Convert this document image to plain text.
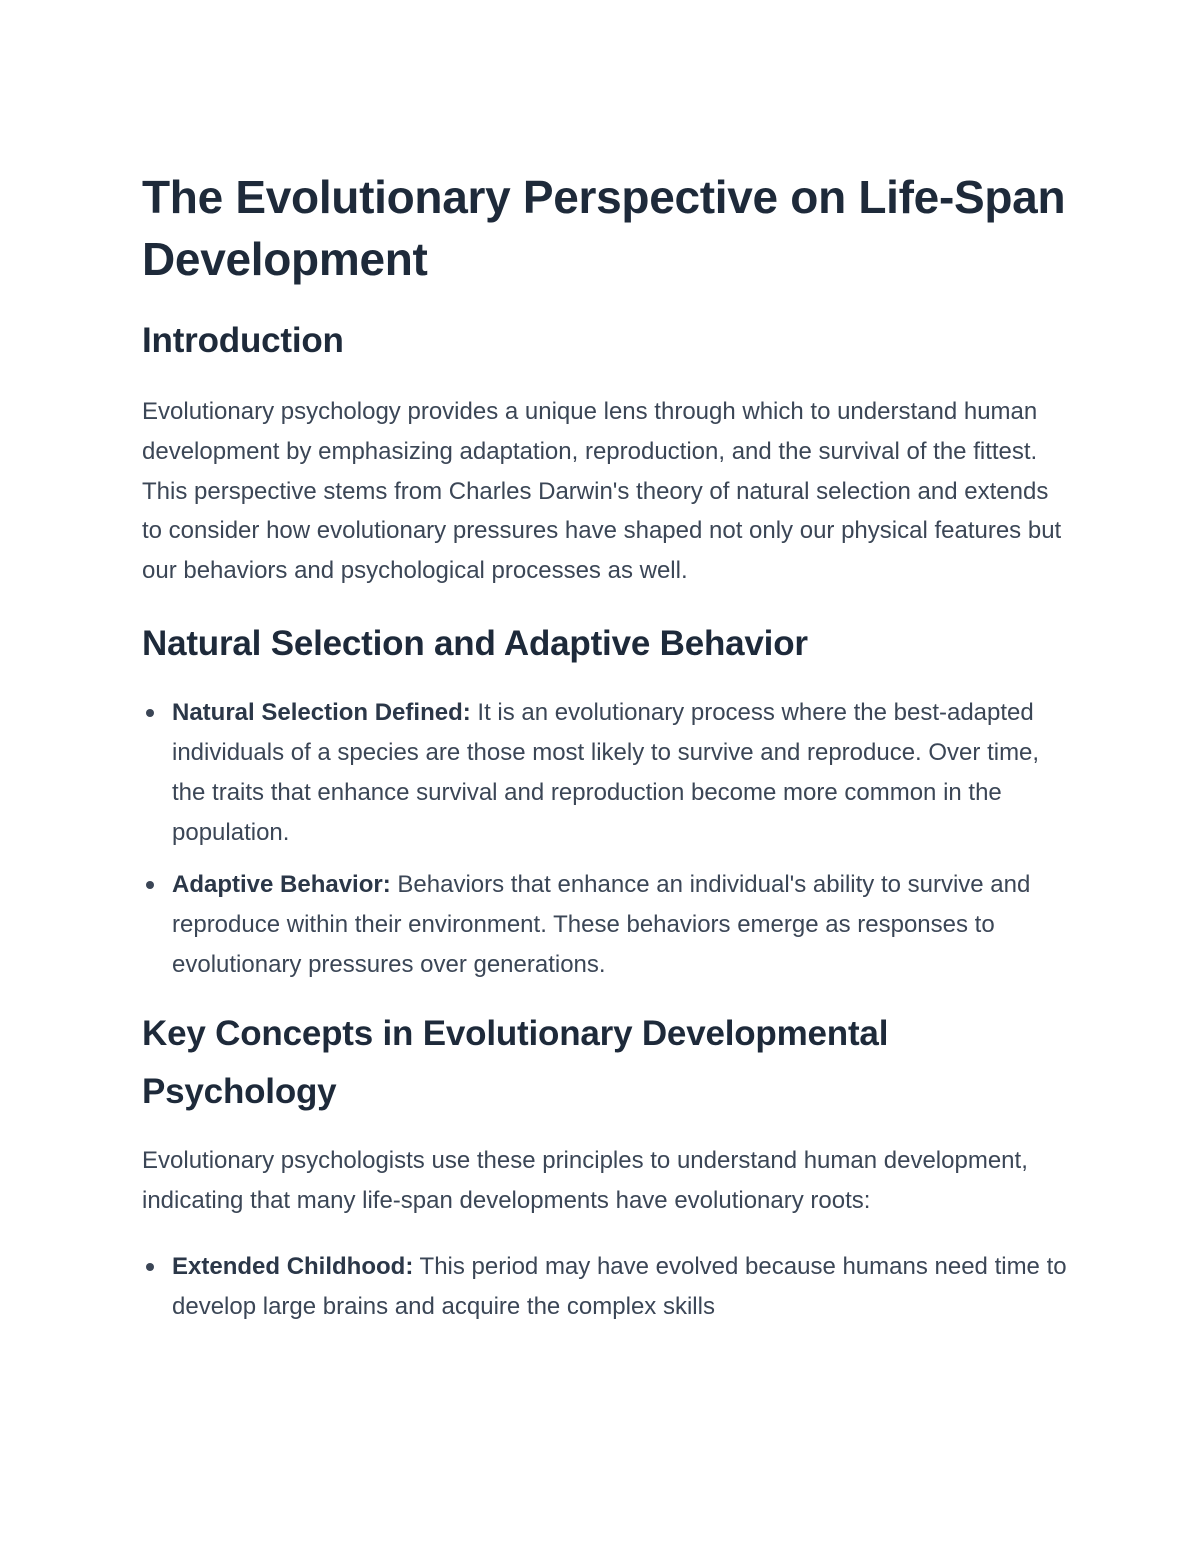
The Evolutionary Perspective on Life-Span Development
Introduction

Evolutionary psychology provides a unique lens through which to understand human development by emphasizing adaptation, reproduction, and the survival of the fittest. This perspective stems from Charles Darwin's theory of natural selection and extends to consider how evolutionary pressures have shaped not only our physical features but our behaviors and psychological processes as well.

Natural Selection and Adaptive Behavior
Natural Selection Defined: It is an evolutionary process where the best-adapted individuals of a species are those most likely to survive and reproduce. Over time, the traits that enhance survival and reproduction become more common in the population.
Adaptive Behavior: Behaviors that enhance an individual's ability to survive and reproduce within their environment. These behaviors emerge as responses to evolutionary pressures over generations.
Key Concepts in Evolutionary Developmental Psychology

Evolutionary psychologists use these principles to understand human development, indicating that many life-span developments have evolutionary roots:

Extended Childhood: This period may have evolved because humans need time to develop large brains and acquire the complex skills
